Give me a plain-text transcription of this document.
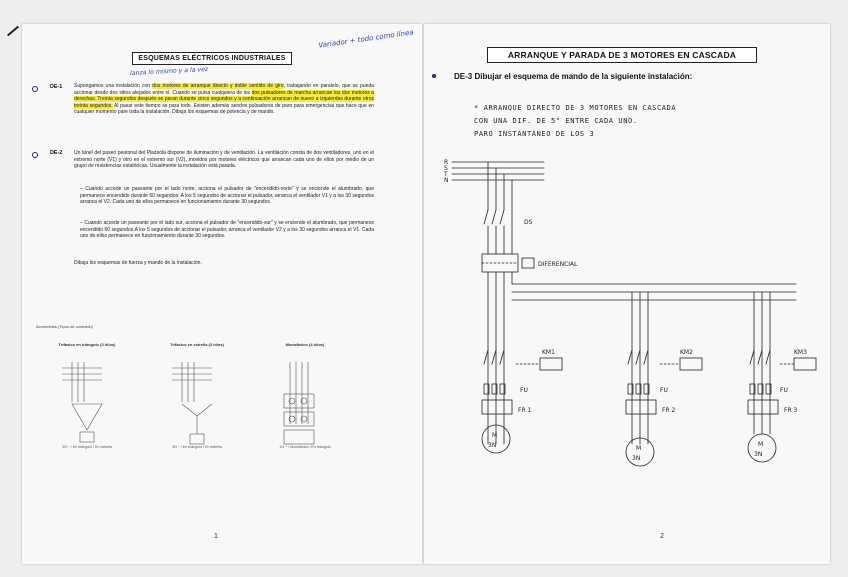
Variador + todo como línea
ESQUEMAS ELÉCTRICOS INDUSTRIALES
lanza lo mismo y a la vez
DE-1 Supongamos una instalación con dos motores de arranque directo y doble sentido de giro, trabajando en paralelo, que se pueda accionar desde dos sitios alejados entre sí. Cuando se pulsa cualquiera de los dos pulsadores de marcha arrancan los dos motores a derechas. Treinta segundos después se paran durante cinco segundos y a continuación arrancan de nuevo a izquierdas durante otros treinta segundos. Al pasar este tiempo se para todo. Existen además sendos pulsadores de paro para emergencias que hace que en cualquier momento pare toda la instalación. Dibuja los esquemas de potencia y de mando.
DE-2 Un túnel del paseo peatonal del Plazaola dispone de iluminación y de ventilación. La ventilación consta de dos ventiladores, uno en el extremo norte (V1) y otro en el extremo sur (V2), movidos por motores eléctricos que arrancan cada uno de ellos por medio de un grupo de resistencias estatóricas. Usualmente la instalación está parada.
– Cuando accede un paseante por el lado norte, acciona el pulsador de "encendido-norte" y se enciende el alumbrado, que permanece encendido durante 60 segundos. A los 5 segundos de accionar el pulsador, arranca el ventilador V1 y a los 30 segundos arranca el V2. Cada uno de ellos permanece en funcionamiento durante 30 segundos.
– Cuando accede un paseante por el lado sur, acciona el pulsador de "encendido-sur" y se enciende el alumbrado, que permanece encendido 60 segundos.A los 5 segundos de accionar el pulsador, arranca el ventilador V2 y a los 30 segundos arranca el V1. Cada uno de ellos permanece en funcionamiento durante 30 segundos.
Dibuja los esquemas de fuerza y mando de la instalación.
Acometidas (Tipos de conexión)
Trifásico en triángulo (3 hilos)	Trifásico en estrella (3 hilos)	Monofásico (4 hilos)
3N ~ / En triángulo / En estrella	3N ~ / En triángulo / En estrella	1N ~ / Monofásico / En triángulo
1
ARRANQUE Y PARADA DE 3 MOTORES EN CASCADA
DE-3 Dibujar el esquema de mando de la siguiente instalación:
* ARRANQUE DIRECTO DE 3 MOTORES EN CASCADA
CON UNA DIF. DE 5" ENTRE CADA UNO.
PARO INSTANTÁNEO DE LOS 3
R
S
T
N
DS
DIFERENCIAL
KM1
FU
FR 1
M
3N
KM2
FU
FR 2
M
3N
KM3
FU
FR 3
M
3N
2
